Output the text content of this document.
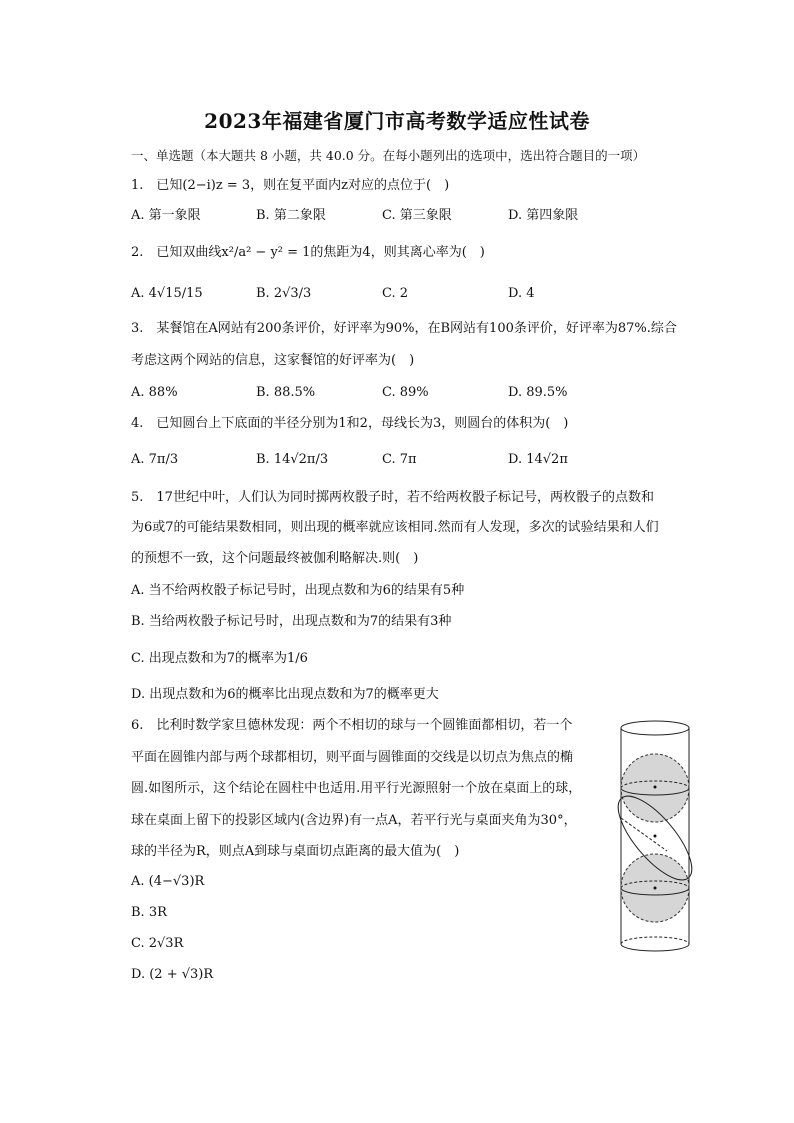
2023年福建省厦门市高考数学适应性试卷
一、单选题（本大题共 8 小题，共 40.0 分。在每小题列出的选项中，选出符合题目的一项）
1.　已知(2−i)z = 3，则在复平面内z对应的点位于(　)
A. 第一象限	B. 第二象限	C. 第三象限	D. 第四象限
2.　已知双曲线x²/a² − y² = 1的焦距为4，则其离心率为(　)
A. 4√15/15	B. 2√3/3	C. 2	D. 4
3.　某餐馆在A网站有200条评价，好评率为90%，在B网站有100条评价，好评率为87%.综合
考虑这两个网站的信息，这家餐馆的好评率为(　)
A. 88%	B. 88.5%	C. 89%	D. 89.5%
4.　已知圆台上下底面的半径分别为1和2，母线长为3，则圆台的体积为(　)
A. 7π/3	B. 14√2π/3	C. 7π	D. 14√2π
5.　17世纪中叶，人们认为同时掷两枚骰子时，若不给两枚骰子标记号，两枚骰子的点数和
为6或7的可能结果数相同，则出现的概率就应该相同.然而有人发现，多次的试验结果和人们
的预想不一致，这个问题最终被伽利略解决.则(　)
A. 当不给两枚骰子标记号时，出现点数和为6的结果有5种
B. 当给两枚骰子标记号时，出现点数和为7的结果有3种
C. 出现点数和为7的概率为1/6
D. 出现点数和为6的概率比出现点数和为7的概率更大
6.　比利时数学家旦德林发现：两个不相切的球与一个圆锥面都相切，若一个
平面在圆锥内部与两个球都相切，则平面与圆锥面的交线是以切点为焦点的椭
圆.如图所示，这个结论在圆柱中也适用.用平行光源照射一个放在桌面上的球，
球在桌面上留下的投影区域内(含边界)有一点A，若平行光与桌面夹角为30°，
球的半径为R，则点A到球与桌面切点距离的最大值为(　)
A. (4−√3)R
B. 3R
C. 2√3R
D. (2 + √3)R
